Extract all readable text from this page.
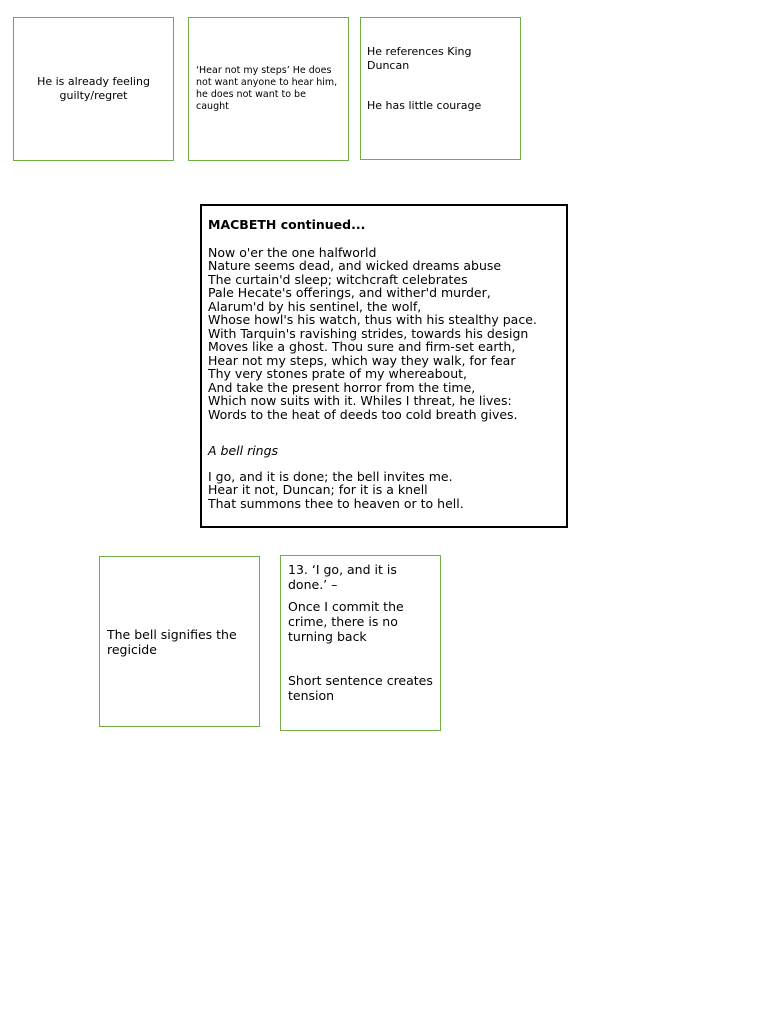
He is already feeling guilty/regret

‘Hear not my steps’ He does not want anyone to hear him, he does not want to be caught

He references King Duncan

He has little courage

MACBETH continued...

Now o'er the one halfworld
Nature seems dead, and wicked dreams abuse
The curtain'd sleep; witchcraft celebrates
Pale Hecate's offerings, and wither'd murder,
Alarum'd by his sentinel, the wolf,
Whose howl's his watch, thus with his stealthy pace.
With Tarquin's ravishing strides, towards his design
Moves like a ghost. Thou sure and firm-set earth,
Hear not my steps, which way they walk, for fear
Thy very stones prate of my whereabout,
And take the present horror from the time,
Which now suits with it. Whiles I threat, he lives:
Words to the heat of deeds too cold breath gives.

A bell rings

I go, and it is done; the bell invites me.
Hear it not, Duncan; for it is a knell
That summons thee to heaven or to hell.

The bell signifies the regicide

13. ‘I go, and it is done.’ –

Once I commit the crime, there is no turning back

Short sentence creates tension
